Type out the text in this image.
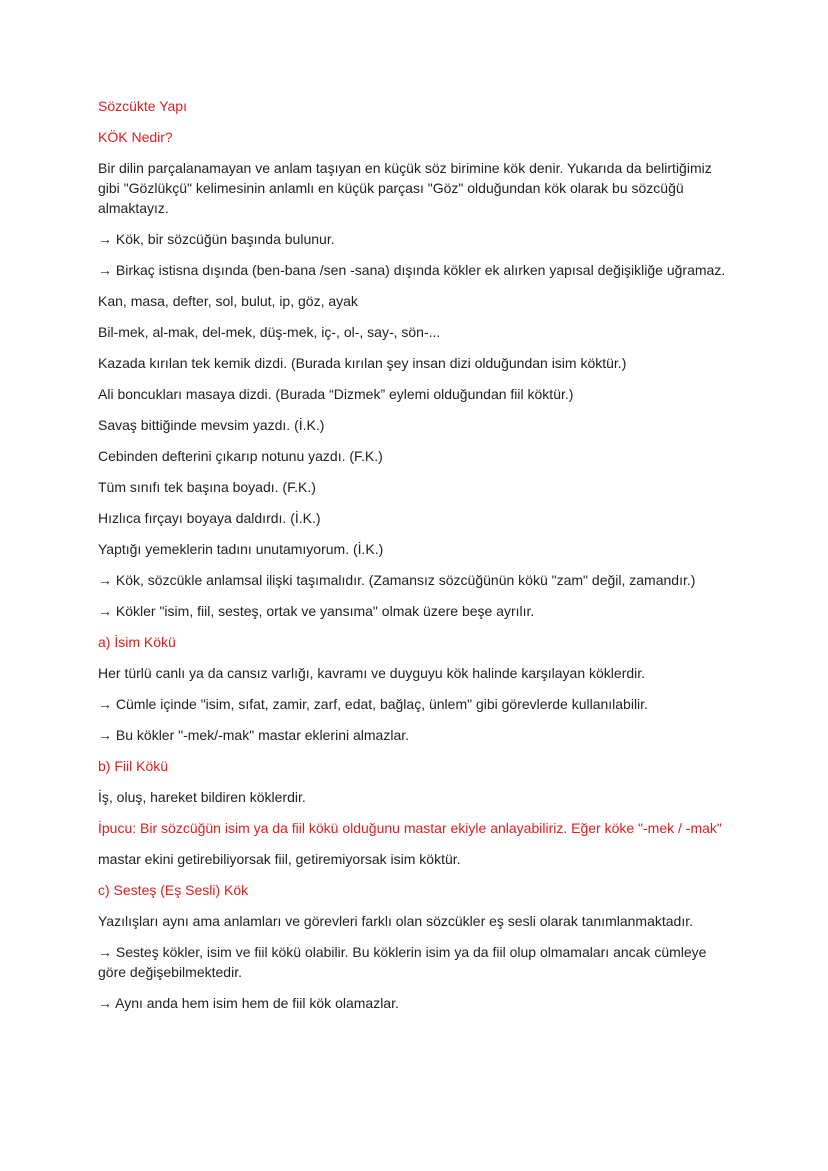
Sözcükte Yapı

KÖK Nedir?

Bir dilin parçalanamayan ve anlam taşıyan en küçük söz birimine kök denir. Yukarıda da belirtiğimiz gibi "Gözlükçü" kelimesinin anlamlı en küçük parçası "Göz" olduğundan kök olarak bu sözcüğü almaktayız.

→ Kök, bir sözcüğün başında bulunur.

→ Birkaç istisna dışında (ben-bana /sen -sana) dışında kökler ek alırken yapısal değişikliğe uğramaz.

Kan, masa, defter, sol, bulut, ip, göz, ayak

Bil-mek, al-mak, del-mek, düş-mek, iç-, ol-, say-, sön-...

Kazada kırılan tek kemik dizdi. (Burada kırılan şey insan dizi olduğundan isim köktür.)

Ali boncukları masaya dizdi. (Burada “Dizmek” eylemi olduğundan fiil köktür.)

Savaş bittiğinde mevsim yazdı. (İ.K.)

Cebinden defterini çıkarıp notunu yazdı. (F.K.)

Tüm sınıfı tek başına boyadı. (F.K.)

Hızlıca fırçayı boyaya daldırdı. (İ.K.)

Yaptığı yemeklerin tadını unutamıyorum. (İ.K.)

→ Kök, sözcükle anlamsal ilişki taşımalıdır. (Zamansız sözcüğünün kökü "zam" değil, zamandır.)

→ Kökler "isim, fiil, sesteş, ortak ve yansıma" olmak üzere beşe ayrılır.

a) İsim Kökü

Her türlü canlı ya da cansız varlığı, kavramı ve duyguyu kök halinde karşılayan köklerdir.

→ Cümle içinde "isim, sıfat, zamir, zarf, edat, bağlaç, ünlem" gibi görevlerde kullanılabilir.

→ Bu kökler "-mek/-mak" mastar eklerini almazlar.

b) Fiil Kökü

İş, oluş, hareket bildiren köklerdir.

İpucu: Bir sözcüğün isim ya da fiil kökü olduğunu mastar ekiyle anlayabiliriz. Eğer köke "-mek / -mak"

mastar ekini getirebiliyorsak fiil, getiremiyorsak isim köktür.

c) Sesteş (Eş Sesli) Kök

Yazılışları aynı ama anlamları ve görevleri farklı olan sözcükler eş sesli olarak tanımlanmaktadır.

→ Sesteş kökler, isim ve fiil kökü olabilir. Bu köklerin isim ya da fiil olup olmamaları ancak cümleye göre değişebilmektedir.

→ Aynı anda hem isim hem de fiil kök olamazlar.
